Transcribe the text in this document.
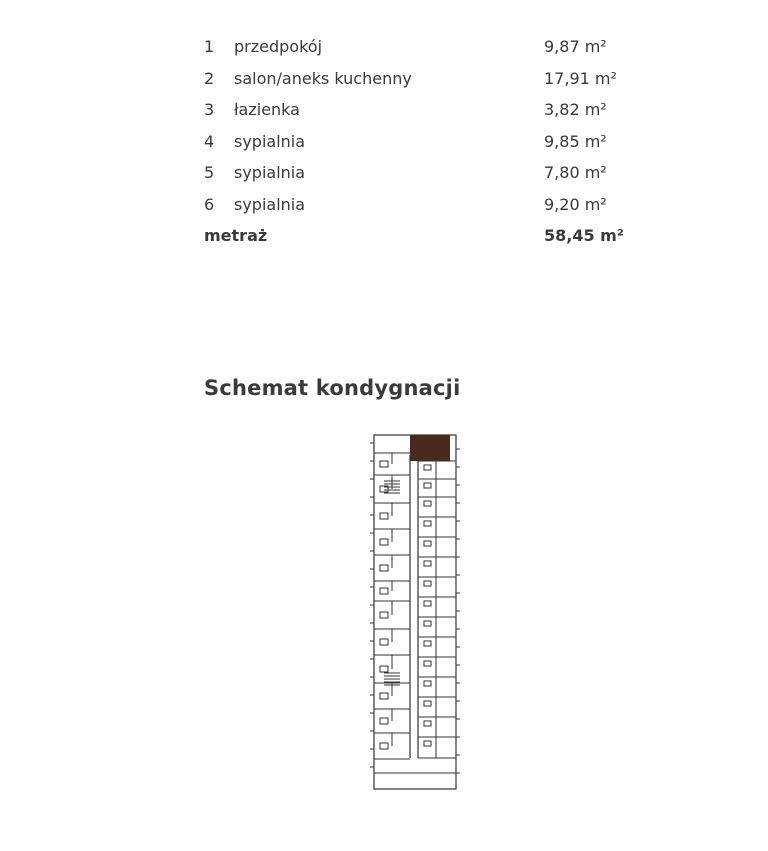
1	przedpokój	9,87 m²
2	salon/aneks kuchenny	17,91 m²
3	łazienka	3,82 m²
4	sypialnia	9,85 m²
5	sypialnia	7,80 m²
6	sypialnia	9,20 m²
metraż	58,45 m²
Schemat kondygnacji
